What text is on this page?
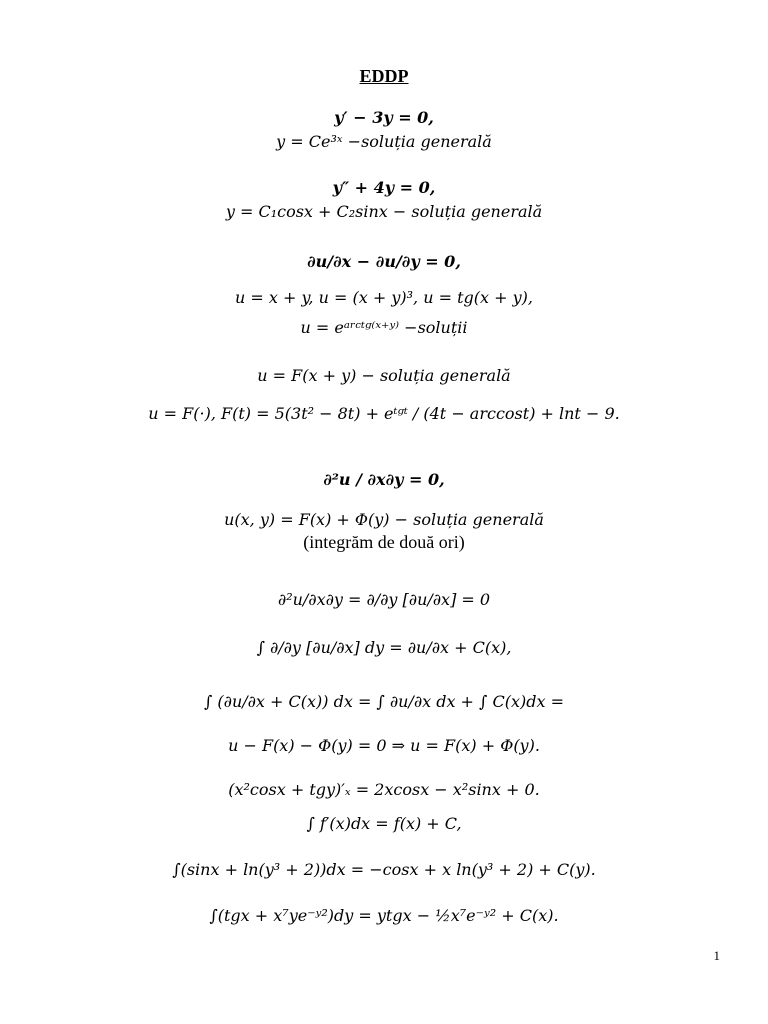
EDDP
y′ − 3y = 0,
y = Ce³ˣ −soluția generală
y″ + 4y = 0,
y = C₁cosx + C₂sinx − soluția generală
∂u/∂x − ∂u/∂y = 0,
u = x + y, u = (x + y)³, u = tg(x + y),
u = eᵃʳᶜᵗᵍ⁽ˣ⁺ʸ⁾ −soluții
u = F(x + y) − soluția generală
u = F(·), F(t) = 5(3t² − 8t) + eᵗᵍᵗ / (4t − arccost) + lnt − 9.
∂²u / ∂x∂y = 0,
u(x, y) = F(x) + Φ(y) − soluția generală
(integrăm de două ori)
∂²u/∂x∂y = ∂/∂y [∂u/∂x] = 0
∫ ∂/∂y [∂u/∂x] dy = ∂u/∂x + C(x),
∫ (∂u/∂x + C(x)) dx = ∫ ∂u/∂x dx + ∫ C(x)dx =
u − F(x) − Φ(y) = 0 ⇒ u = F(x) + Φ(y).
(x²cosx + tgy)′ₓ = 2xcosx − x²sinx + 0.
∫ f′(x)dx = f(x) + C,
∫(sinx + ln(y³ + 2))dx = −cosx + x ln(y³ + 2) + C(y).
∫(tgx + x⁷ye⁻ʸ²)dy = ytgx − ½x⁷e⁻ʸ² + C(x).
1
